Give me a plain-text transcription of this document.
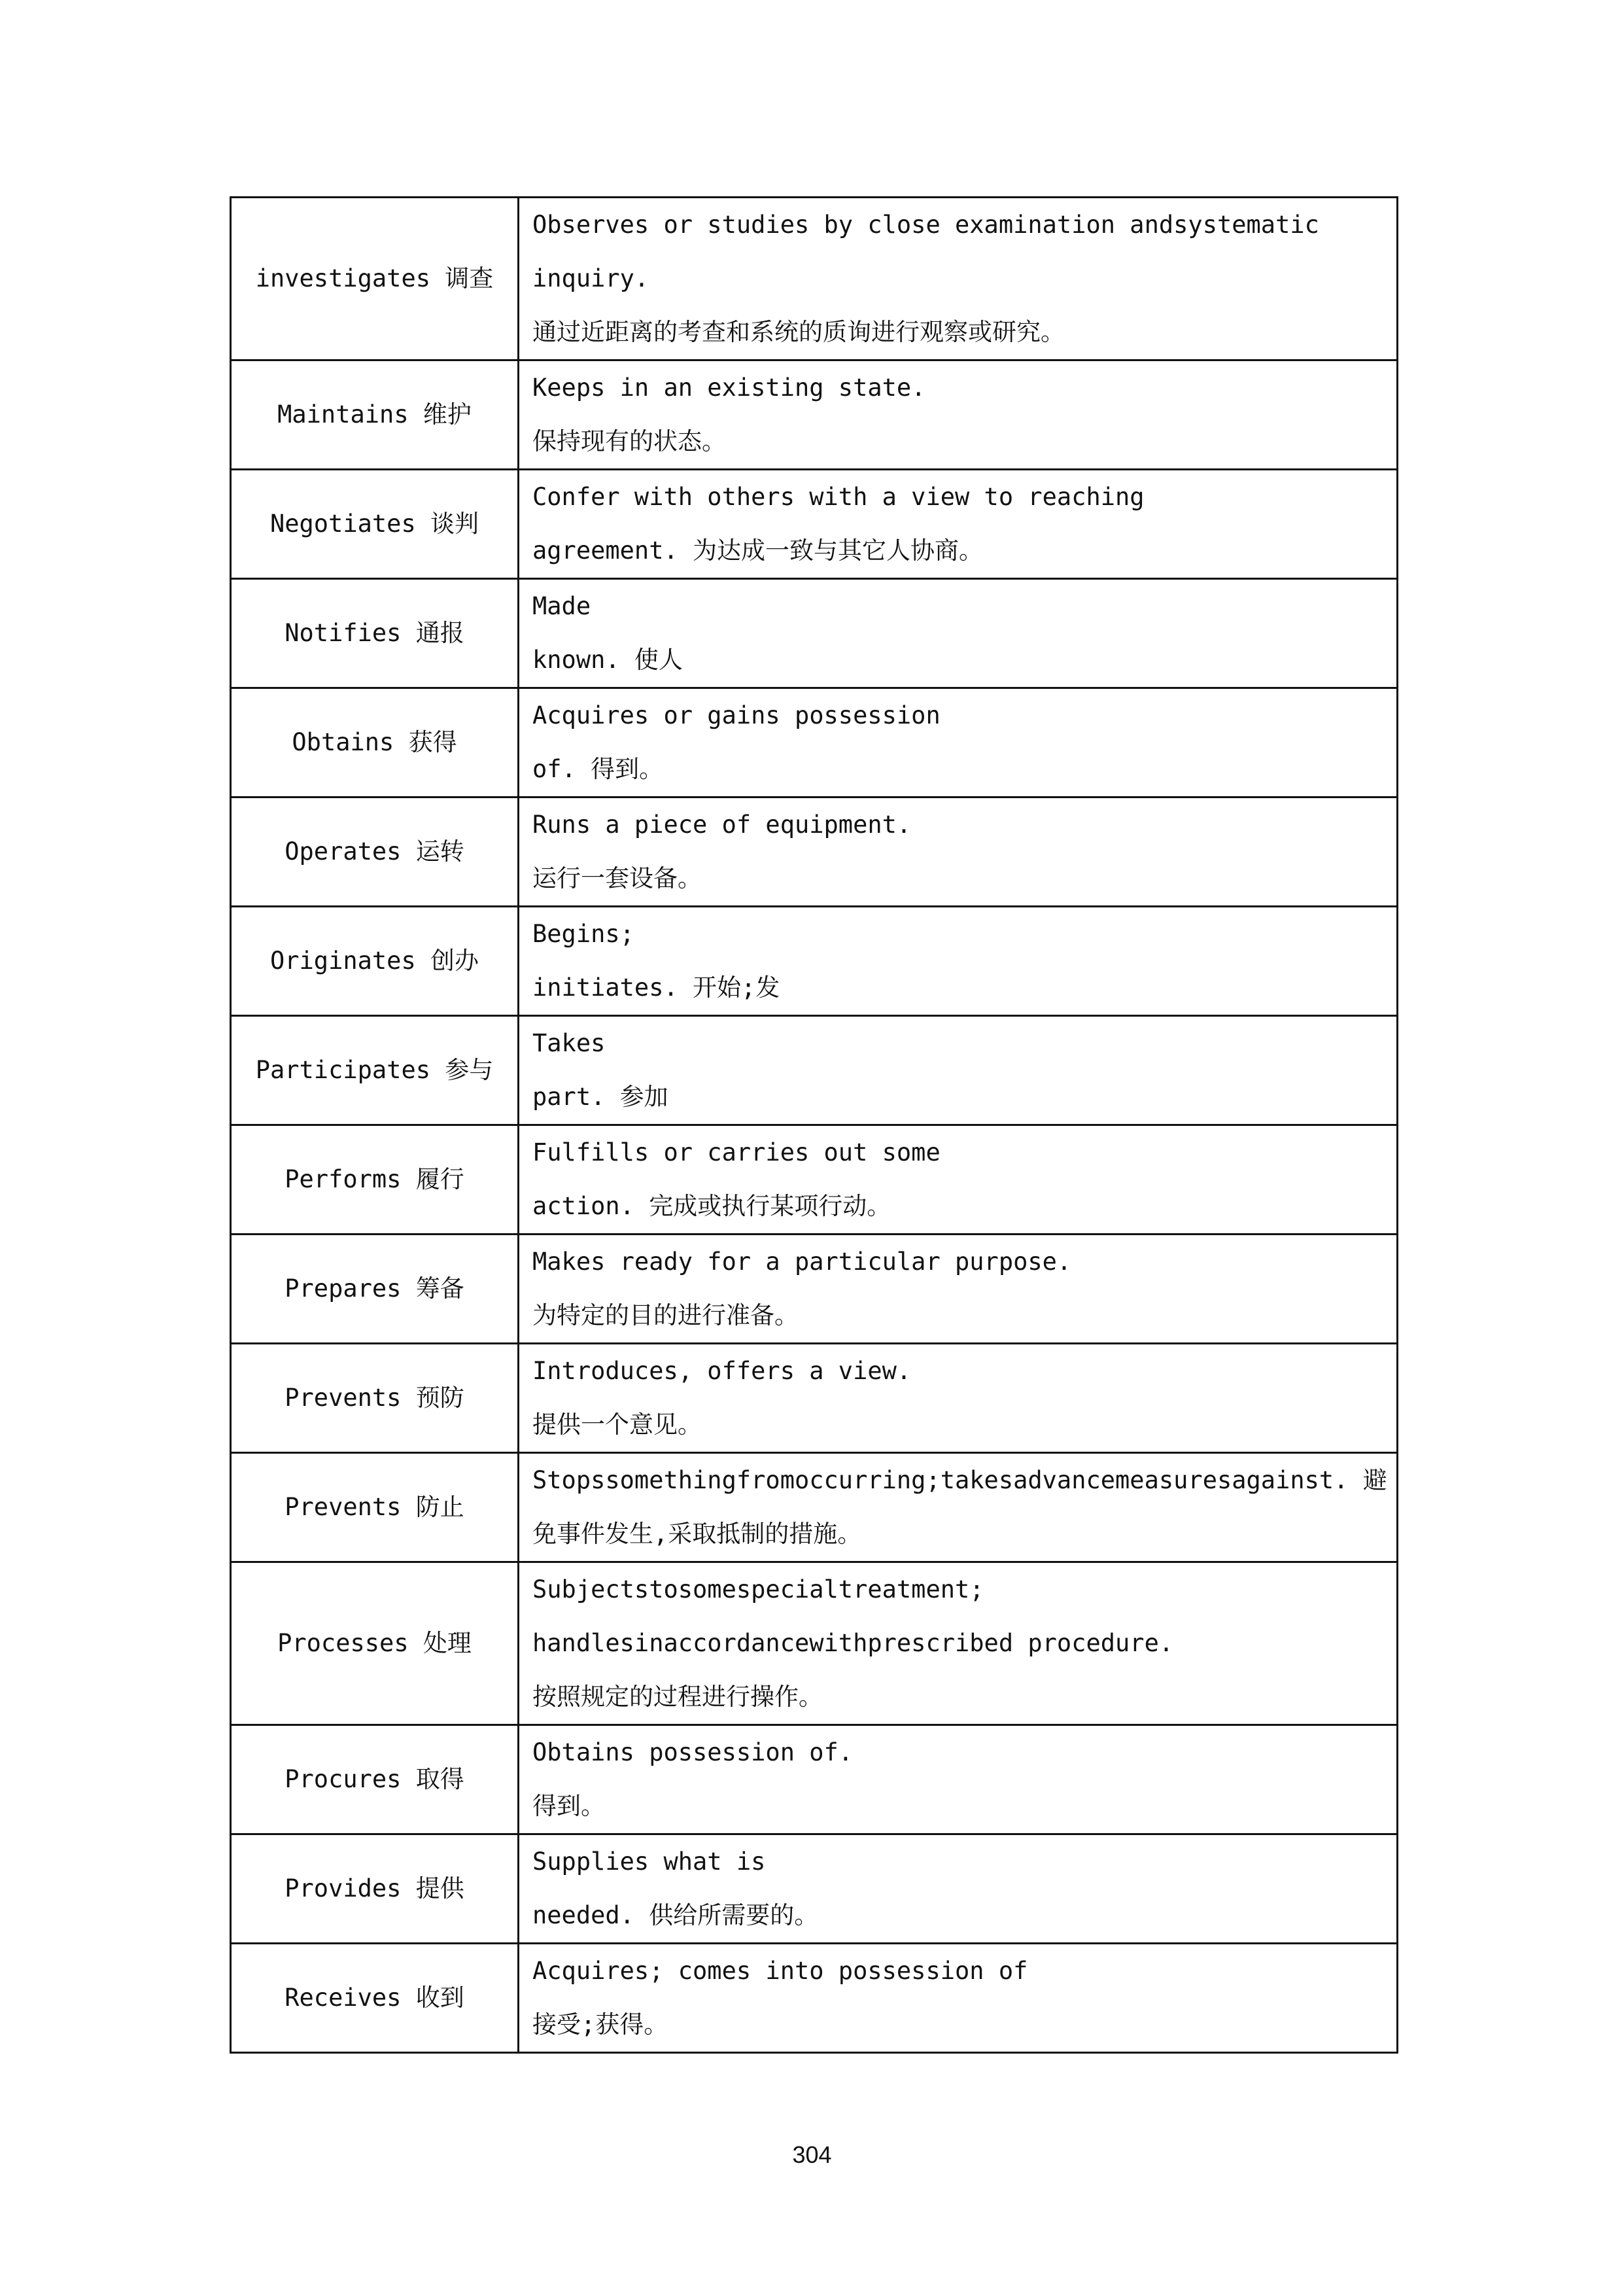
investigates 调查	Observes or studies by close examination andsystematic
inquiry.
通过近距离的考查和系统的质询进行观察或研究。

Maintains 维护	Keeps in an existing state.
保持现有的状态。

Negotiates 谈判	Confer with others with a view to reaching
agreement. 为达成一致与其它人协商。

Notifies 通报	Made
known. 使人

Obtains 获得	Acquires or gains possession
of. 得到。

Operates 运转	Runs a piece of equipment.
运行一套设备。

Originates 创办	Begins;
initiates. 开始;发

Participates 参与	Takes
part. 参加

Performs 履行	Fulfills or carries out some
action. 完成或执行某项行动。

Prepares 筹备	Makes ready for a particular purpose.
为特定的目的进行准备。

Prevents 预防	Introduces, offers a view.
提供一个意见。

Prevents 防止	Stopssomethingfromoccurring;takesadvancemeasuresagainst. 避
免事件发生,采取抵制的措施。

Processes 处理	Subjectstosomespecialtreatment;
handlesinaccordancewithprescribed procedure.
按照规定的过程进行操作。

Procures 取得	Obtains possession of.
得到。

Provides 提供	Supplies what is
needed. 供给所需要的。

Receives 收到	Acquires; comes into possession of
接受;获得。
304
